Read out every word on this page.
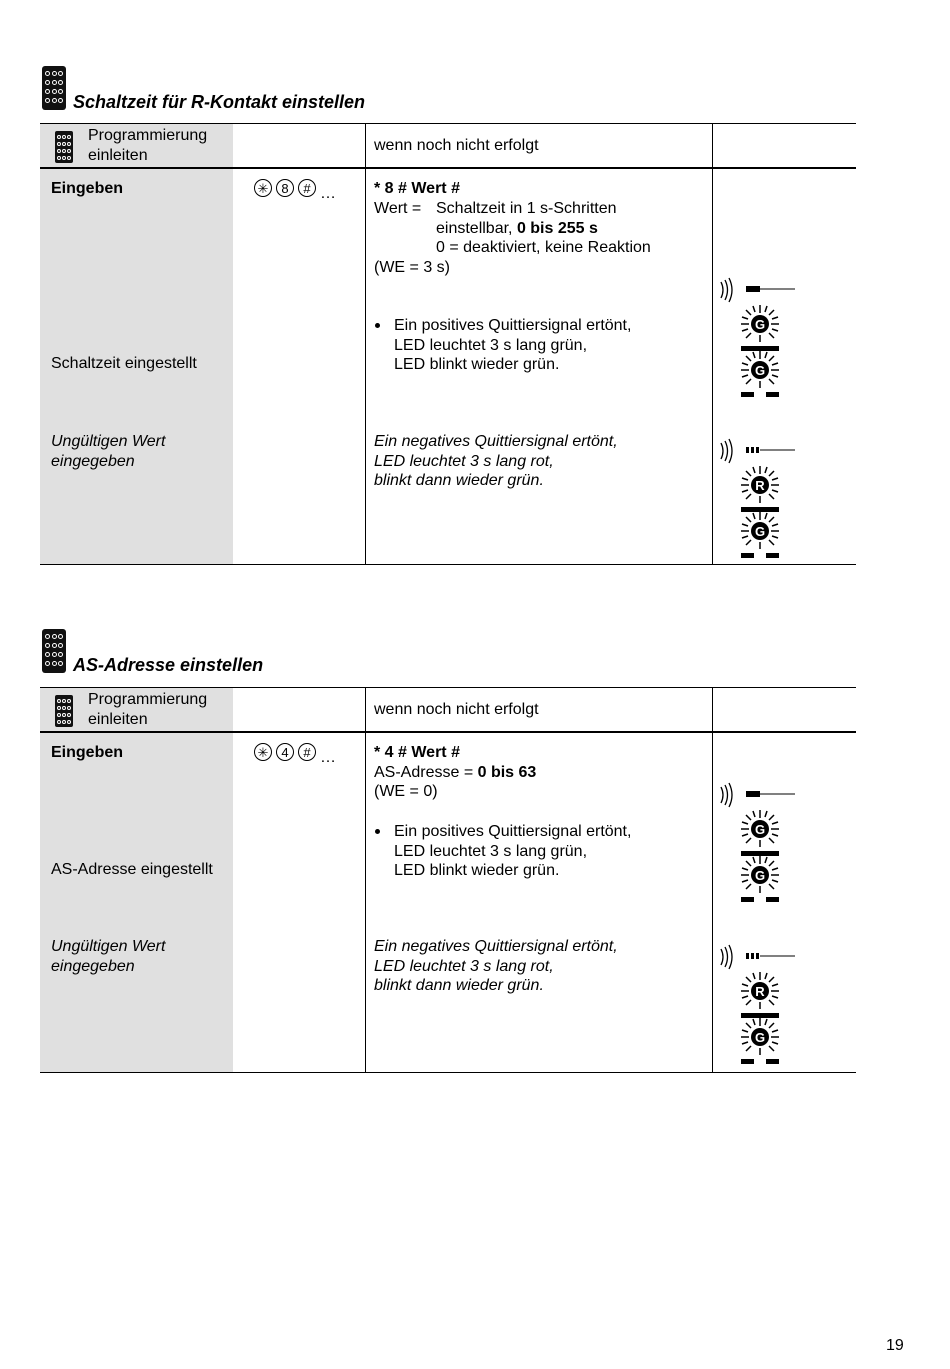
Schaltzeit für R-Kontakt einstellen
Programmierung
einleiten
wenn noch nicht erfolgt
Eingeben	✳ 8 # … * 8 # Wert #
Wert = Schaltzeit in 1 s-Schritten
einstellbar, 0 bis 255 s
0 = deaktiviert, keine Reaktion
(WE = 3 s)
Schaltzeit eingestellt
Ein positives Quittiersignal ertönt,
LED leuchtet 3 s lang grün,
LED blinkt wieder grün.
Ungültigen Wert
eingegeben
Ein negatives Quittiersignal ertönt,
LED leuchtet 3 s lang rot,
blinkt dann wieder grün.
G
G
R
G
AS-Adresse einstellen
Programmierung
einleiten
wenn noch nicht erfolgt
Eingeben	✳ 4 # … * 4 # Wert #
AS-Adresse = 0 bis 63
(WE = 0)
AS-Adresse eingestellt
Ein positives Quittiersignal ertönt,
LED leuchtet 3 s lang grün,
LED blinkt wieder grün.
Ungültigen Wert
eingegeben
Ein negatives Quittiersignal ertönt,
LED leuchtet 3 s lang rot,
blinkt dann wieder grün.
G
G
R
G
19
